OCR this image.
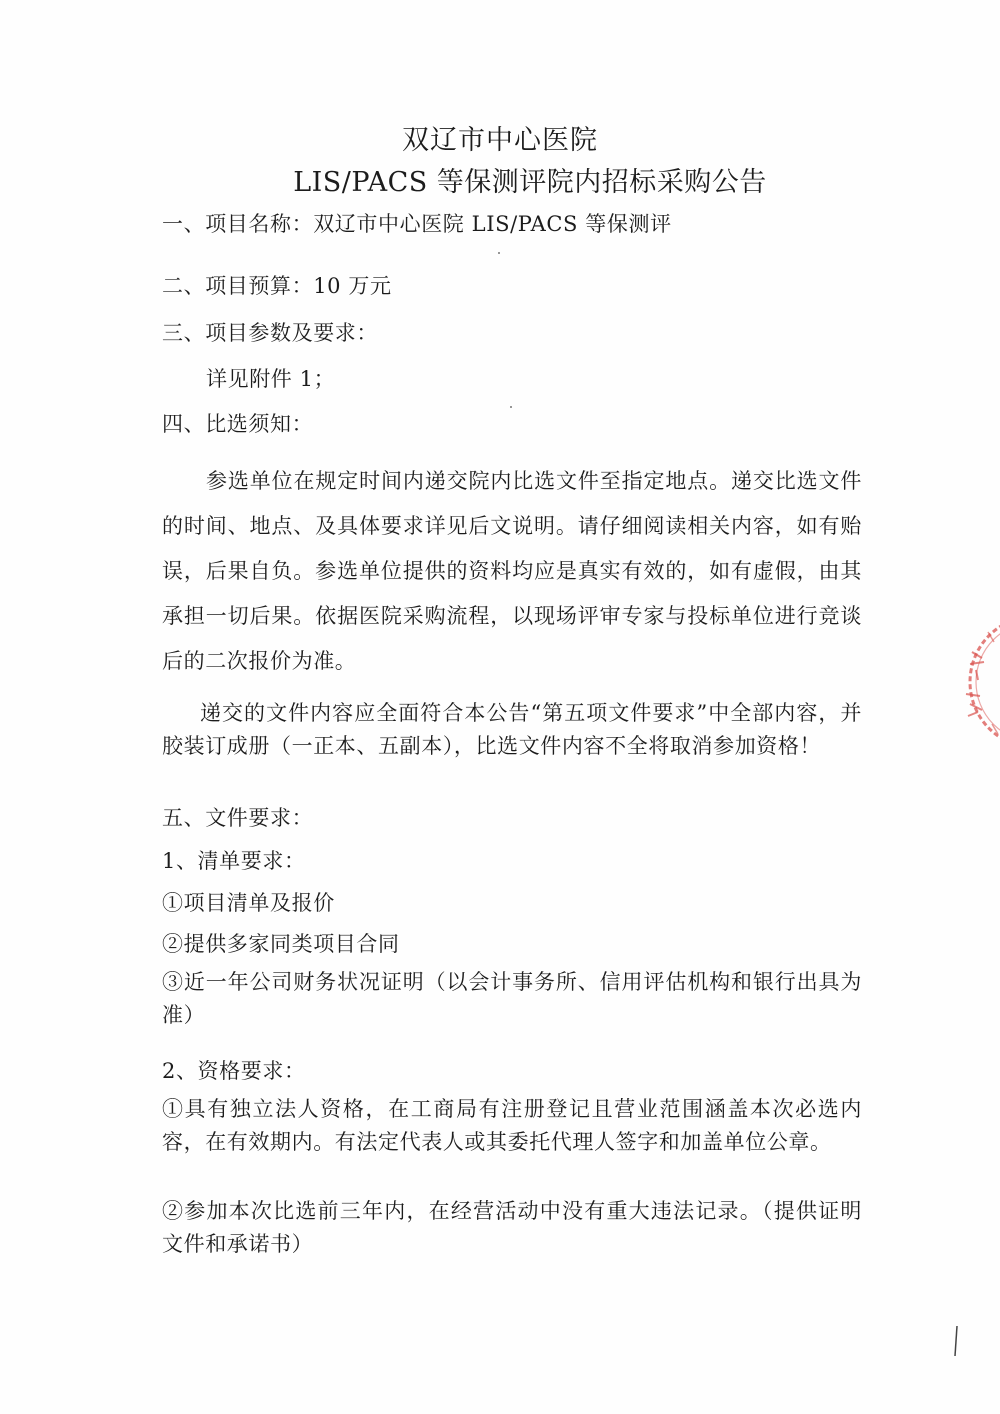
双辽市中心医院
LIS/PACS 等保测评院内招标采购公告
一、项目名称：双辽市中心医院 LIS/PACS 等保测评
二、项目预算：10 万元
三、项目参数及要求：
详见附件 1；
四、比选须知：
参选单位在规定时间内递交院内比选文件至指定地点。递交比选文件的时间、地点、及具体要求详见后文说明。请仔细阅读相关内容，如有贻误，后果自负。参选单位提供的资料均应是真实有效的，如有虚假，由其承担一切后果。依据医院采购流程，以现场评审专家与投标单位进行竞谈后的二次报价为准。
递交的文件内容应全面符合本公告“第五项文件要求”中全部内容，并胶装订成册（一正本、五副本），比选文件内容不全将取消参加资格！
五、文件要求：
1、清单要求：
①项目清单及报价
②提供多家同类项目合同
③近一年公司财务状况证明（以会计事务所、信用评估机构和银行出具为准）
2、资格要求：
①具有独立法人资格，在工商局有注册登记且营业范围涵盖本次必选内容，在有效期内。有法定代表人或其委托代理人签字和加盖单位公章。
②参加本次比选前三年内，在经营活动中没有重大违法记录。（提供证明文件和承诺书）
